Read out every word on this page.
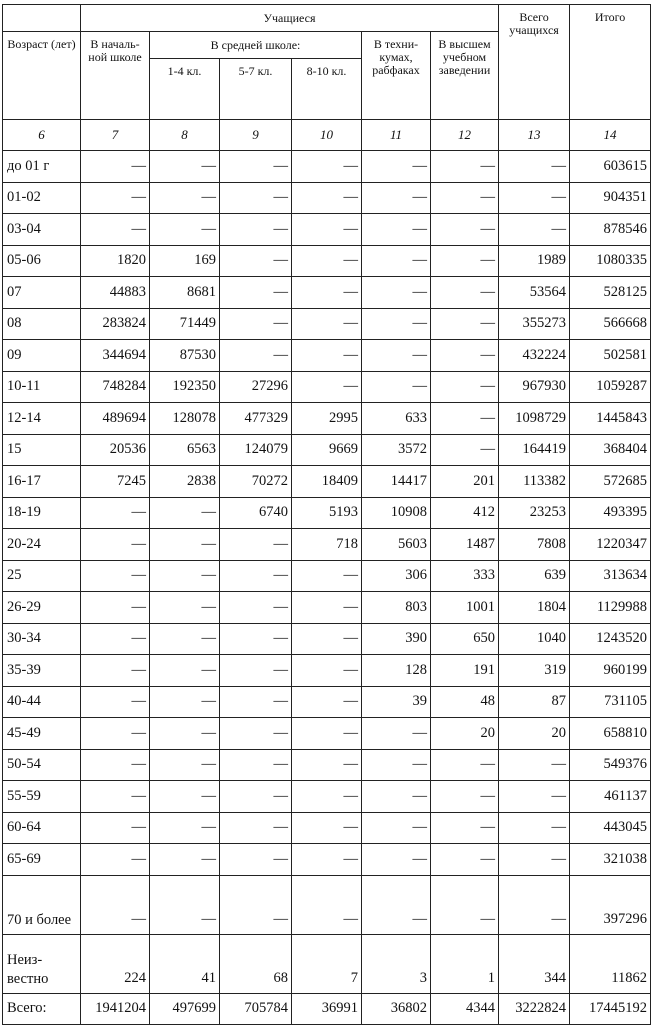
	Учащиеся						Всего учащихся	Итого
Возраст (лет)	В началь-ной школе	В средней школе:			В техни-кумах, рабфаках	В высшем учебном заведении		
		1-4 кл.	5-7 кл.	8-10 кл.				
6	7	8	9	10	11	12	13	14
до 01 г	—	—	—	—	—	—	—	603615
01-02	—	—	—	—	—	—	—	904351
03-04	—	—	—	—	—	—	—	878546
05-06	1820	169	—	—	—	—	1989	1080335
07	44883	8681	—	—	—	—	53564	528125
08	283824	71449	—	—	—	—	355273	566668
09	344694	87530	—	—	—	—	432224	502581
10-11	748284	192350	27296	—	—	—	967930	1059287
12-14	489694	128078	477329	2995	633	—	1098729	1445843
15	20536	6563	124079	9669	3572	—	164419	368404
16-17	7245	2838	70272	18409	14417	201	113382	572685
18-19	—	—	6740	5193	10908	412	23253	493395
20-24	—	—	—	718	5603	1487	7808	1220347
25	—	—	—	—	306	333	639	313634
26-29	—	—	—	—	803	1001	1804	1129988
30-34	—	—	—	—	390	650	1040	1243520
35-39	—	—	—	—	128	191	319	960199
40-44	—	—	—	—	39	48	87	731105
45-49	—	—	—	—	—	20	20	658810
50-54	—	—	—	—	—	—	—	549376
55-59	—	—	—	—	—	—	—	461137
60-64	—	—	—	—	—	—	—	443045
65-69	—	—	—	—	—	—	—	321038
70 и более	—	—	—	—	—	—	—	397296
Неиз-вестно	224	41	68	7	3	1	344	11862
Всего:	1941204	497699	705784	36991	36802	4344	3222824	17445192
